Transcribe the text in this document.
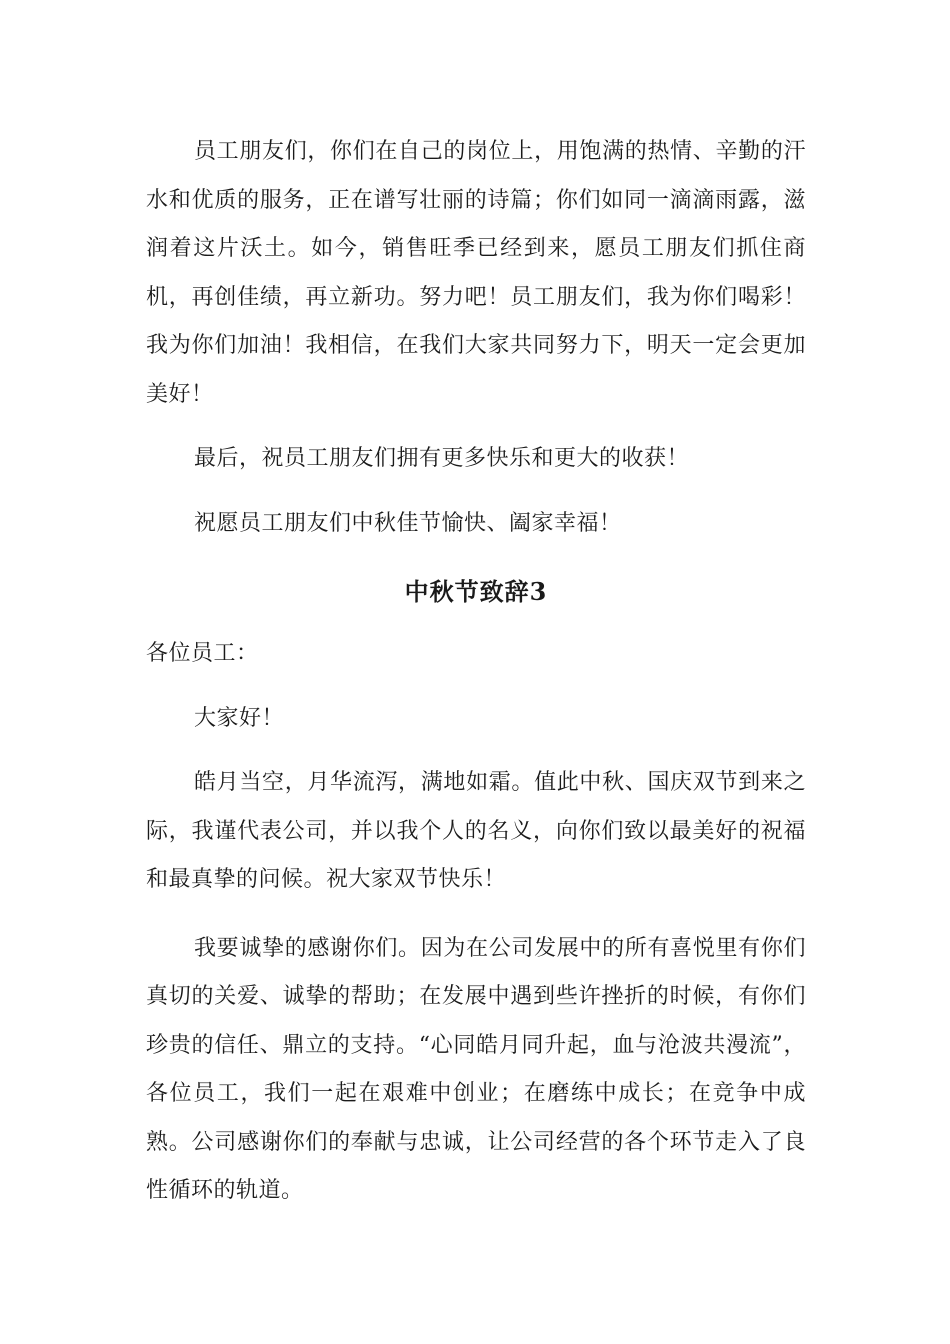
员工朋友们，你们在自己的岗位上，用饱满的热情、辛勤的汗水和优质的服务，正在谱写壮丽的诗篇；你们如同一滴滴雨露，滋润着这片沃土。如今，销售旺季已经到来，愿员工朋友们抓住商机，再创佳绩，再立新功。努力吧！员工朋友们，我为你们喝彩！我为你们加油！我相信，在我们大家共同努力下，明天一定会更加美好！

最后，祝员工朋友们拥有更多快乐和更大的收获！

祝愿员工朋友们中秋佳节愉快、阖家幸福！

中秋节致辞3

各位员工：

大家好！

皓月当空，月华流泻，满地如霜。值此中秋、国庆双节到来之际，我谨代表公司，并以我个人的名义，向你们致以最美好的祝福和最真挚的问候。祝大家双节快乐！

我要诚挚的感谢你们。因为在公司发展中的所有喜悦里有你们真切的关爱、诚挚的帮助；在发展中遇到些许挫折的时候，有你们珍贵的信任、鼎立的支持。“心同皓月同升起，血与沧波共漫流”，各位员工，我们一起在艰难中创业；在磨练中成长；在竞争中成熟。公司感谢你们的奉献与忠诚，让公司经营的各个环节走入了良性循环的轨道。
